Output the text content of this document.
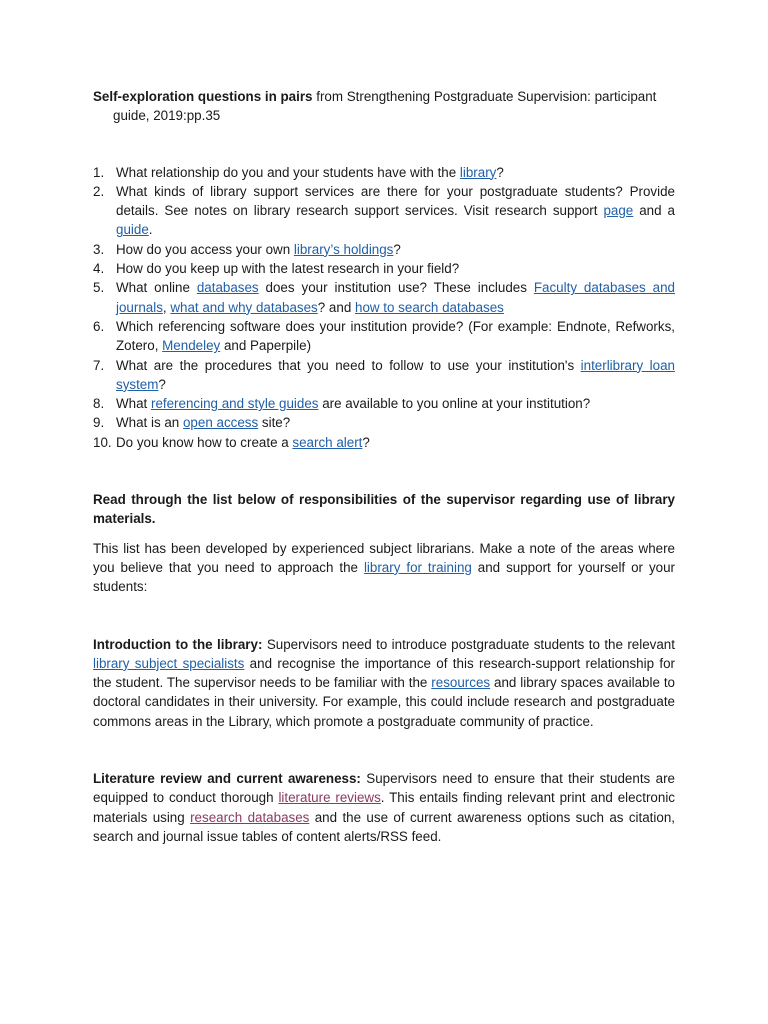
Self-exploration questions in pairs from Strengthening Postgraduate Supervision: participant guide, 2019:pp.35

1. What relationship do you and your students have with the library?
2. What kinds of library support services are there for your postgraduate students? Provide details. See notes on library research support services. Visit research support page and a guide.
3. How do you access your own library’s holdings?
4. How do you keep up with the latest research in your field?
5. What online databases does your institution use? These includes Faculty databases and journals, what and why databases? and how to search databases
6. Which referencing software does your institution provide? (For example: Endnote, Refworks, Zotero, Mendeley and Paperpile)
7. What are the procedures that you need to follow to use your institution's interlibrary loan system?
8. What referencing and style guides are available to you online at your institution?
9. What is an open access site?
10. Do you know how to create a search alert?

Read through the list below of responsibilities of the supervisor regarding use of library materials.

This list has been developed by experienced subject librarians. Make a note of the areas where you believe that you need to approach the library for training and support for yourself or your students:

Introduction to the library: Supervisors need to introduce postgraduate students to the relevant library subject specialists and recognise the importance of this research-support relationship for the student. The supervisor needs to be familiar with the resources and library spaces available to doctoral candidates in their university. For example, this could include research and postgraduate commons areas in the Library, which promote a postgraduate community of practice.

Literature review and current awareness: Supervisors need to ensure that their students are equipped to conduct thorough literature reviews. This entails finding relevant print and electronic materials using research databases and the use of current awareness options such as citation, search and journal issue tables of content alerts/RSS feed.
